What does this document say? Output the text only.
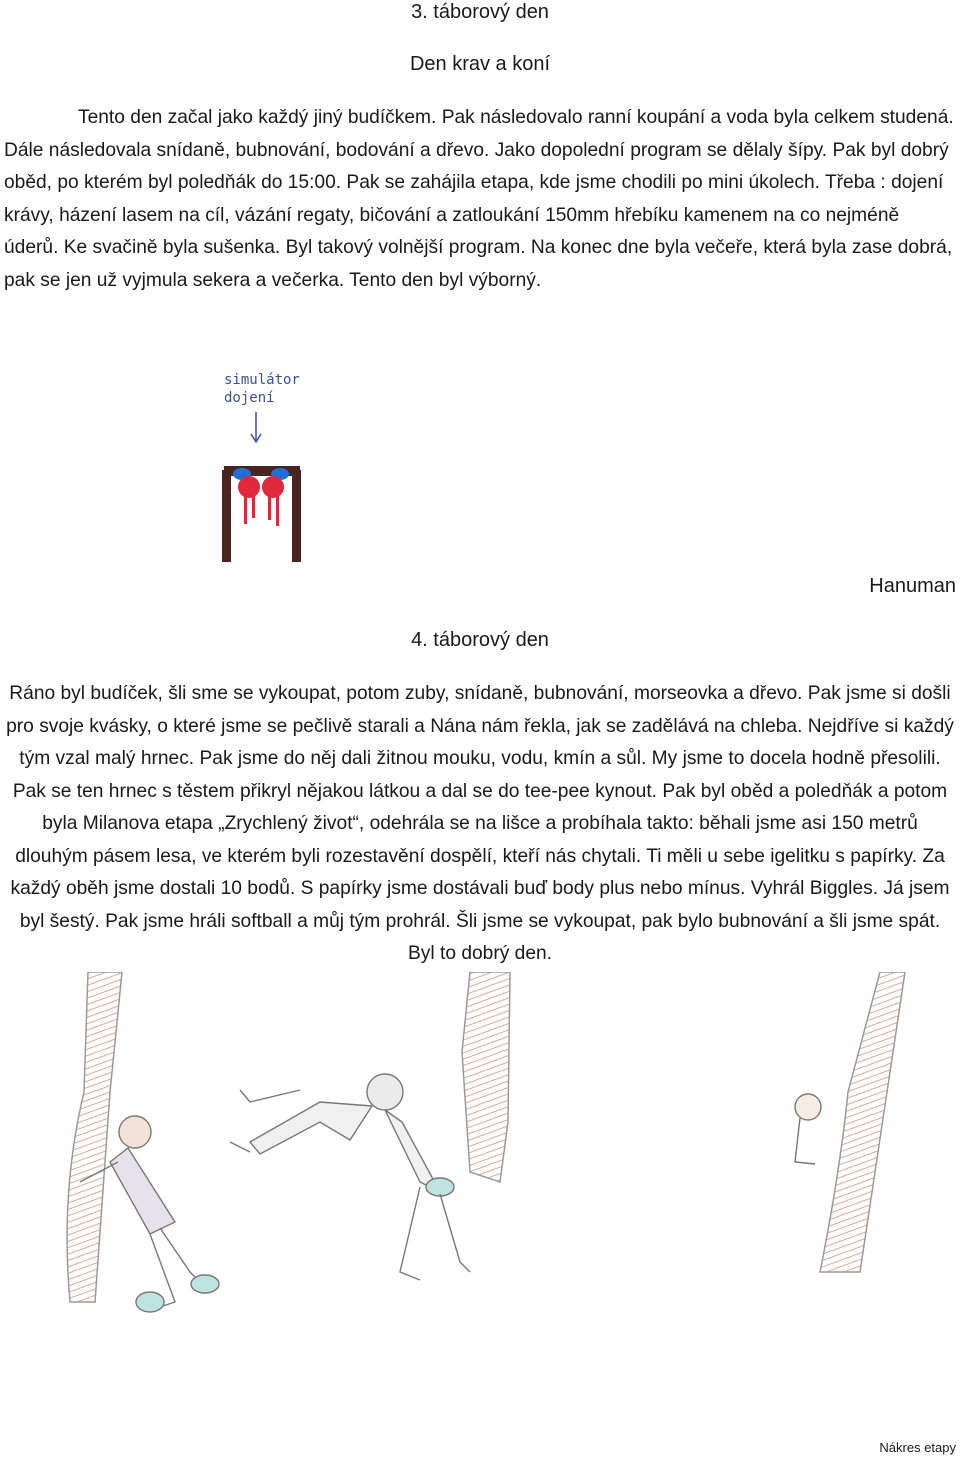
3. táborový den
Den krav a koní

Tento den začal jako každý jiný budíčkem. Pak následovalo ranní koupání a voda byla celkem studená. Dále následovala snídaně, bubnování, bodování a dřevo. Jako dopolední program se dělaly šípy. Pak byl dobrý oběd, po kterém byl poledňák do 15:00. Pak se zahájila etapa, kde jsme chodili po mini úkolech. Třeba : dojení krávy, házení lasem na cíl, vázání regaty, bičování a zatloukání 150mm hřebíku kamenem na co nejméně úderů. Ke svačině byla sušenka. Byl takový volnější program. Na konec dne byla večeře, která byla zase dobrá, pak se jen už vyjmula sekera a večerka. Tento den byl výborný.

simulátor
dojení
Hanuman
4. táborový den

Ráno byl budíček, šli sme se vykoupat, potom zuby, snídaně, bubnování, morseovka a dřevo. Pak jsme si došli pro svoje kvásky, o které jsme se pečlivě starali a Nána nám řekla, jak se zadělává na chleba. Nejdříve si každý tým vzal malý hrnec. Pak jsme do něj dali žitnou mouku, vodu, kmín a sůl. My jsme to docela hodně přesolili. Pak se ten hrnec s těstem přikryl nějakou látkou a dal se do tee-pee kynout. Pak byl oběd a poledňák a potom byla Milanova etapa „Zrychlený život“, odehrála se na lišce a probíhala takto: běhali jsme asi 150 metrů dlouhým pásem lesa, ve kterém byli rozestavění dospělí, kteří nás chytali. Ti měli u sebe igelitku s papírky. Za každý oběh jsme dostali 10 bodů. S papírky jsme dostávali buď body plus nebo mínus. Vyhrál Biggles. Já jsem byl šestý. Pak jsme hráli softball a můj tým prohrál. Šli jsme se vykoupat, pak bylo bubnování a šli jsme spát. Byl to dobrý den.

Nákres etapy
